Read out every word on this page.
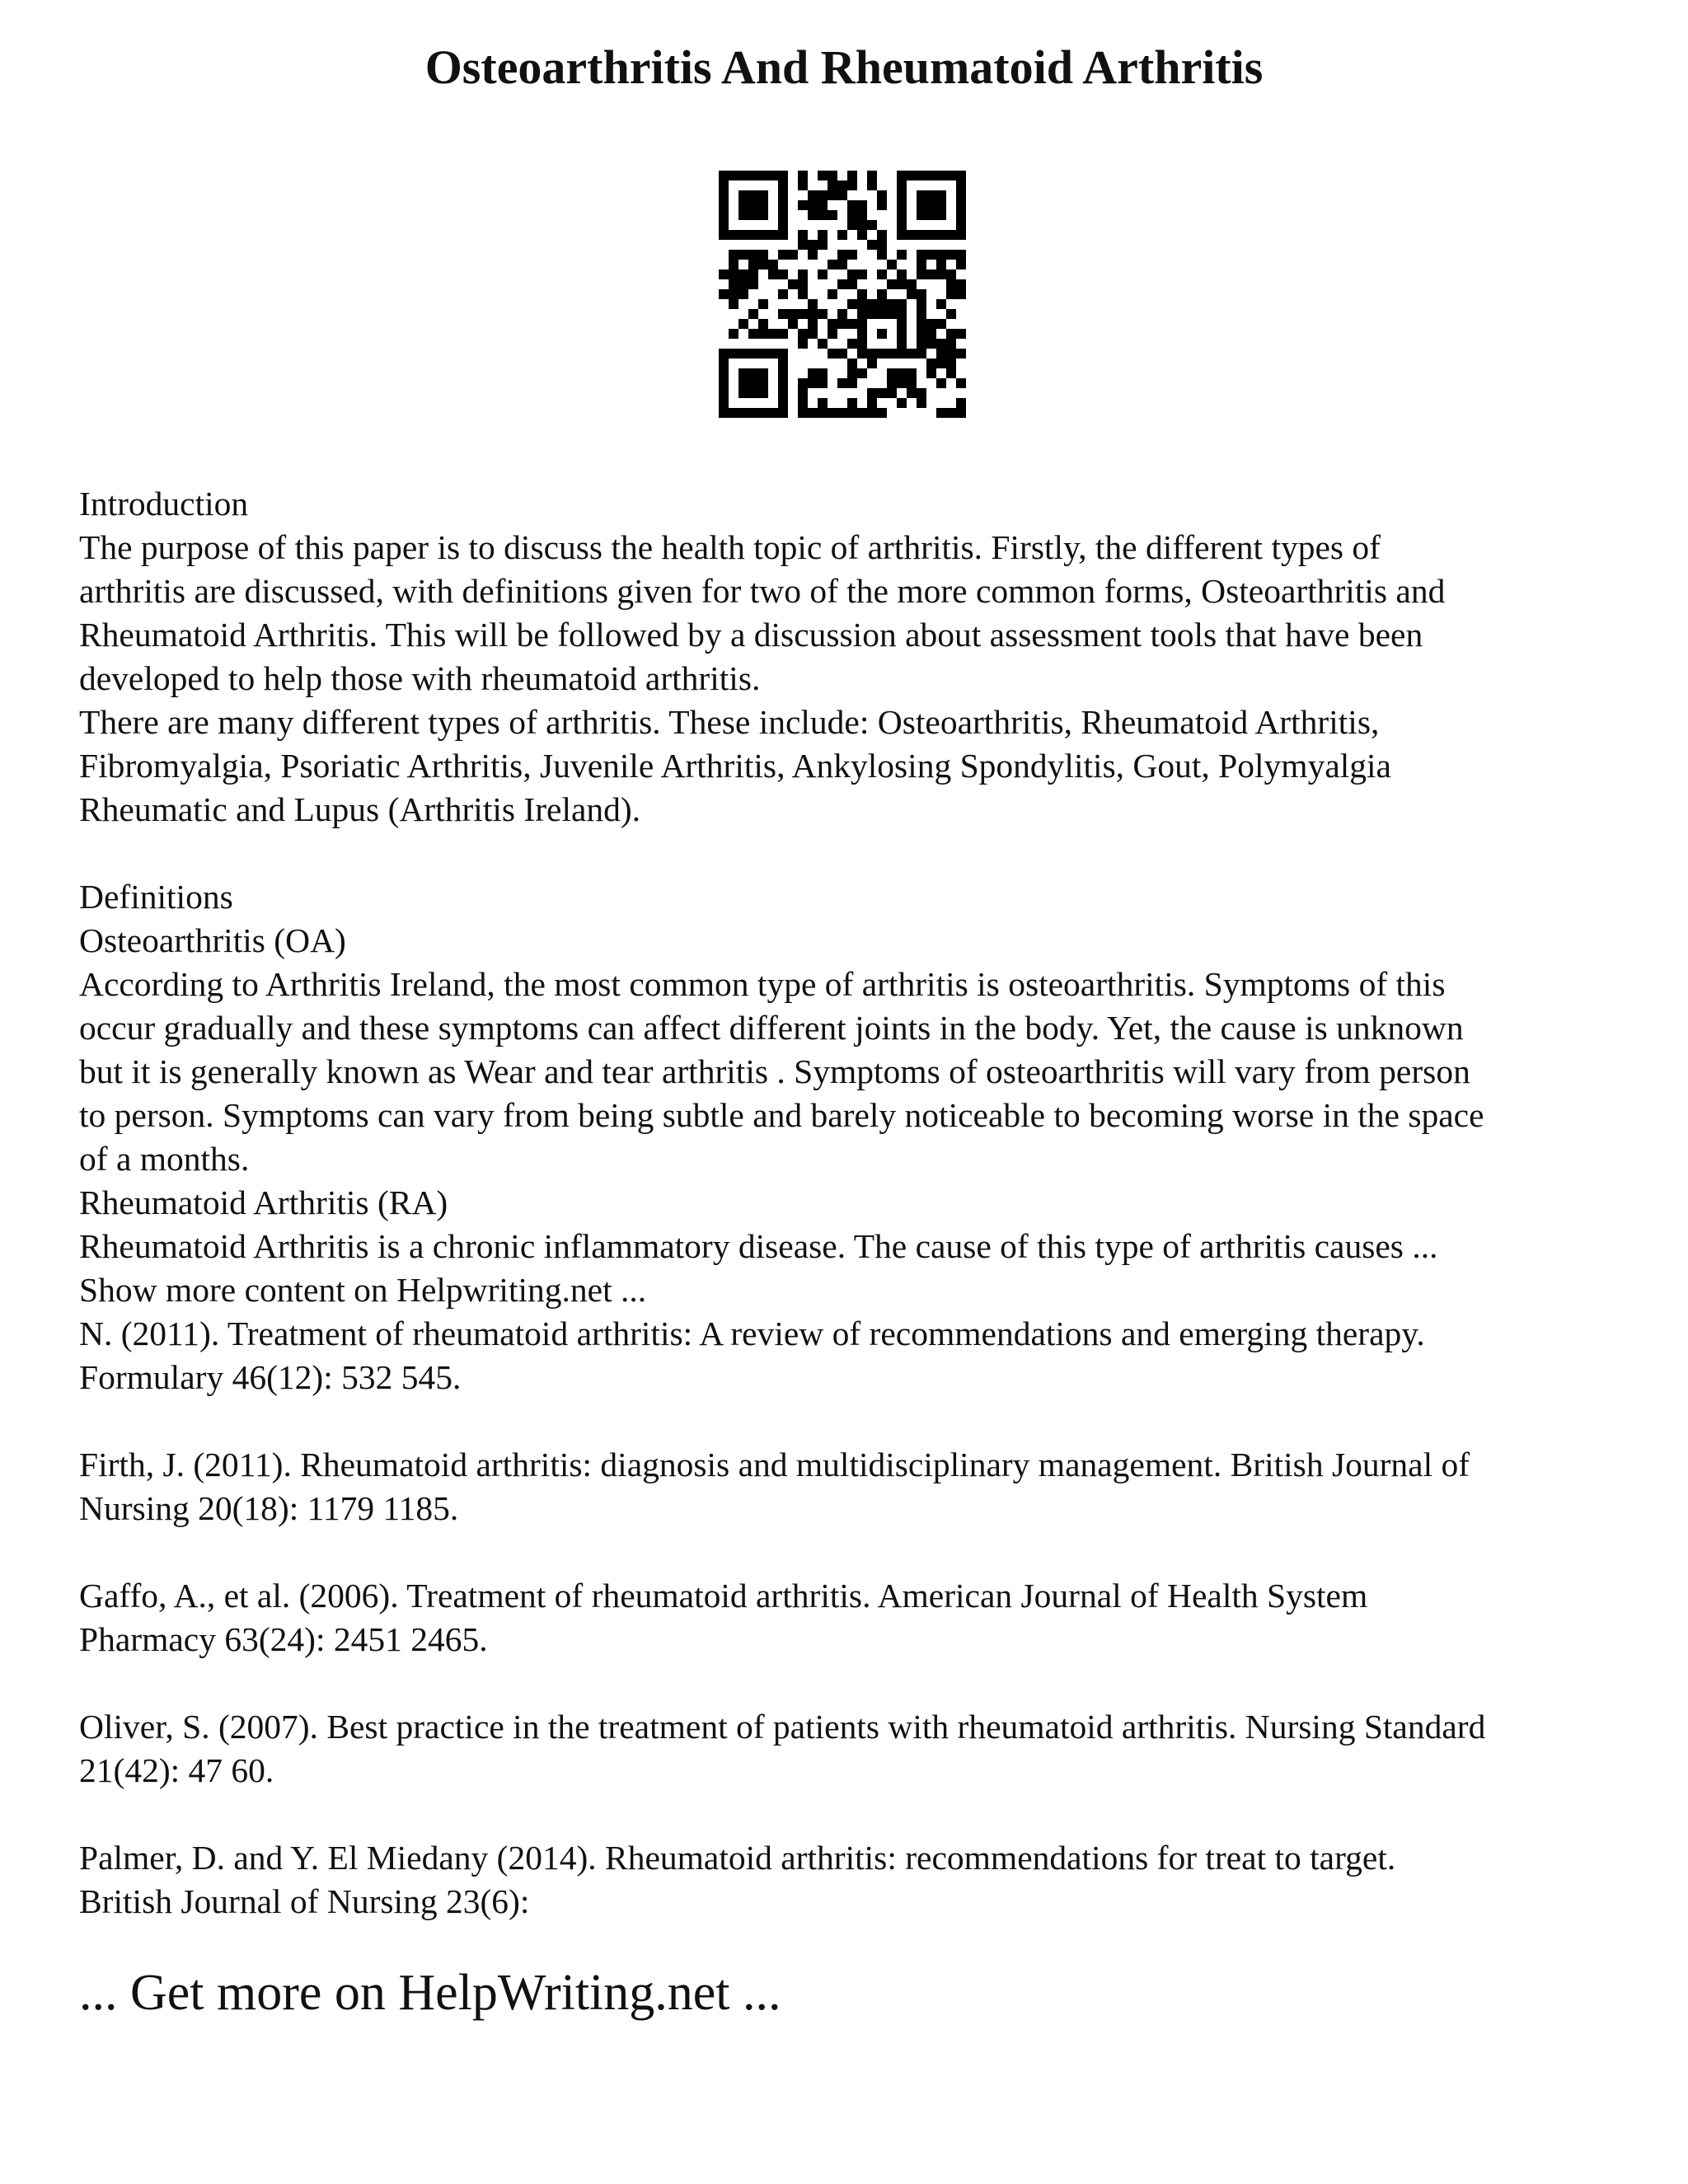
Osteoarthritis And Rheumatoid Arthritis
Introduction
The purpose of this paper is to discuss the health topic of arthritis. Firstly, the different types of
arthritis are discussed, with definitions given for two of the more common forms, Osteoarthritis and
Rheumatoid Arthritis. This will be followed by a discussion about assessment tools that have been
developed to help those with rheumatoid arthritis.
There are many different types of arthritis. These include: Osteoarthritis, Rheumatoid Arthritis,
Fibromyalgia, Psoriatic Arthritis, Juvenile Arthritis, Ankylosing Spondylitis, Gout, Polymyalgia
Rheumatic and Lupus (Arthritis Ireland).
Definitions
Osteoarthritis (OA)
According to Arthritis Ireland, the most common type of arthritis is osteoarthritis. Symptoms of this
occur gradually and these symptoms can affect different joints in the body. Yet, the cause is unknown
but it is generally known as Wear and tear arthritis . Symptoms of osteoarthritis will vary from person
to person. Symptoms can vary from being subtle and barely noticeable to becoming worse in the space
of a months.
Rheumatoid Arthritis (RA)
Rheumatoid Arthritis is a chronic inflammatory disease. The cause of this type of arthritis causes ...
Show more content on Helpwriting.net ...
N. (2011). Treatment of rheumatoid arthritis: A review of recommendations and emerging therapy.
Formulary 46(12): 532 545.
Firth, J. (2011). Rheumatoid arthritis: diagnosis and multidisciplinary management. British Journal of
Nursing 20(18): 1179 1185.
Gaffo, A., et al. (2006). Treatment of rheumatoid arthritis. American Journal of Health System
Pharmacy 63(24): 2451 2465.
Oliver, S. (2007). Best practice in the treatment of patients with rheumatoid arthritis. Nursing Standard
21(42): 47 60.
Palmer, D. and Y. El Miedany (2014). Rheumatoid arthritis: recommendations for treat to target.
British Journal of Nursing 23(6):
... Get more on HelpWriting.net ...
